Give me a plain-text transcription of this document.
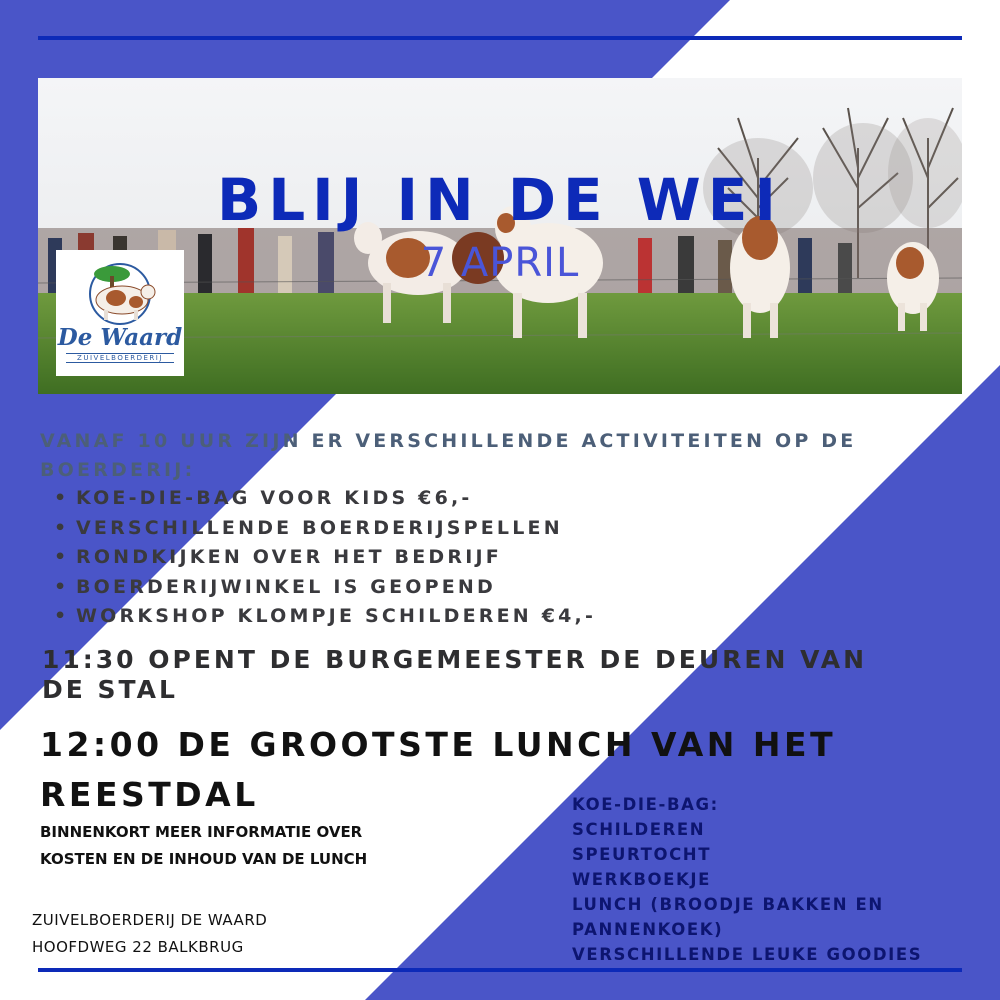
BLIJ IN DE WEI
7 APRIL
De Waard
ZUIVELBOERDERIJ

VANAF 10 UUR ZIJN ER VERSCHILLENDE ACTIVITEITEN OP DE BOERDERIJ:

• KOE-DIE-BAG VOOR KIDS €6,-
• VERSCHILLENDE BOERDERIJSPELLEN
• RONDKIJKEN OVER HET BEDRIJF
• BOERDERIJWINKEL IS GEOPEND
• WORKSHOP KLOMPJE SCHILDEREN €4,-

11:30 OPENT DE BURGEMEESTER DE DEUREN VAN DE STAL

12:00 DE GROOTSTE LUNCH VAN HET REESTDAL

BINNENKORT MEER INFORMATIE OVER
KOSTEN EN DE INHOUD VAN DE LUNCH
ZUIVELBOERDERIJ DE WAARD
HOOFDWEG 22 BALKBRUG
KOE-DIE-BAG:
SCHILDEREN
SPEURTOCHT
WERKBOEKJE
LUNCH (BROODJE BAKKEN EN
PANNENKOEK)
VERSCHILLENDE LEUKE GOODIES
